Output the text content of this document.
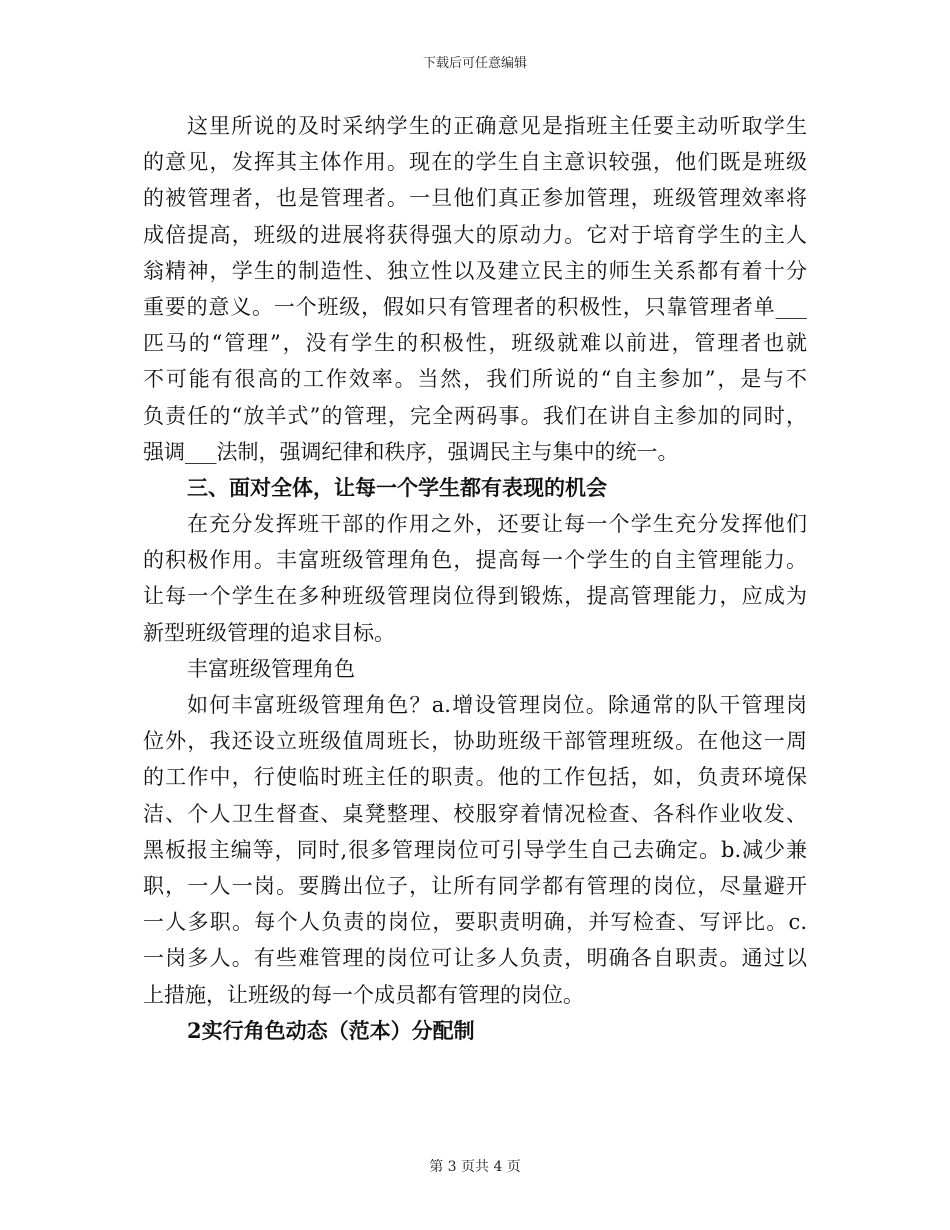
下载后可任意编辑
这里所说的及时采纳学生的正确意见是指班主任要主动听取学生
的意见，发挥其主体作用。现在的学生自主意识较强，他们既是班级
的被管理者，也是管理者。一旦他们真正参加管理，班级管理效率将
成倍提高，班级的进展将获得强大的原动力。它对于培育学生的主人
翁精神，学生的制造性、独立性以及建立民主的师生关系都有着十分
重要的意义。一个班级，假如只有管理者的积极性，只靠管理者单___
匹马的“管理”，没有学生的积极性，班级就难以前进，管理者也就
不可能有很高的工作效率。当然，我们所说的“自主参加”，是与不
负责任的“放羊式”的管理，完全两码事。我们在讲自主参加的同时，
强调___法制，强调纪律和秩序，强调民主与集中的统一。
三、面对全体，让每一个学生都有表现的机会
在充分发挥班干部的作用之外，还要让每一个学生充分发挥他们
的积极作用。丰富班级管理角色，提高每一个学生的自主管理能力。
让每一个学生在多种班级管理岗位得到锻炼，提高管理能力，应成为
新型班级管理的追求目标。
丰富班级管理角色
如何丰富班级管理角色？a.增设管理岗位。除通常的队干管理岗
位外，我还设立班级值周班长，协助班级干部管理班级。在他这一周
的工作中，行使临时班主任的职责。他的工作包括，如，负责环境保
洁、个人卫生督查、桌凳整理、校服穿着情况检查、各科作业收发、
黑板报主编等，同时,很多管理岗位可引导学生自己去确定。b.减少兼
职，一人一岗。要腾出位子，让所有同学都有管理的岗位，尽量避开
一人多职。每个人负责的岗位，要职责明确，并写检查、写评比。c.
一岗多人。有些难管理的岗位可让多人负责，明确各自职责。通过以
上措施，让班级的每一个成员都有管理的岗位。
2实行角色动态（范本）分配制
第 3 页共 4 页
